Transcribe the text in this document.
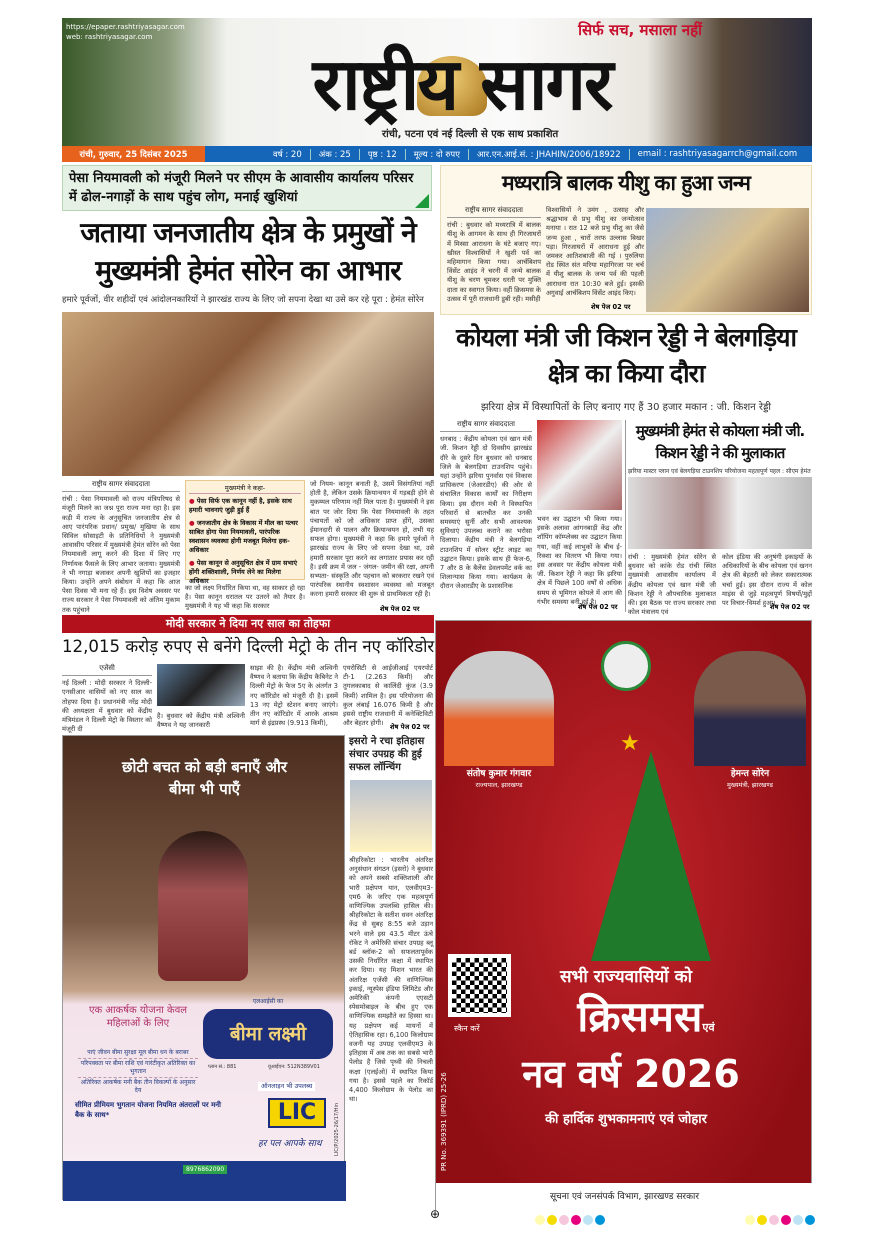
https://epaper.rashtriyasagar.com
web: rashtriyasagar.com
राष्ट्रीय सागर
सिर्फ सच, मसाला नहीं
रांची, पटना एवं नई दिल्ली से एक साथ प्रकाशित
रांची, गुरुवार, 25 दिसंबर 2025	वर्ष : 20	अंक : 25	पृष्ठ : 12	मूल्य : दो रुपए	आर.एन.आई.सं. : JHAHIN/2006/18922	email : rashtriyasagarrch@gmail.com
पेसा नियमावली को मंजूरी मिलने पर सीएम के आवासीय कार्यालय परिसर में ढोल-नगाड़ों के साथ पहुंच लोग, मनाई खुशियां
जताया जनजातीय क्षेत्र के प्रमुखों ने मुख्यमंत्री हेमंत सोरेन का आभार
हमारे पूर्वजों, वीर शहीदों एवं आंदोलनकारियों ने झारखंड राज्य के लिए जो सपना देखा था उसे कर रहे पूरा : हेमंत सोरेन
राष्ट्रीय सागर संवाददाता
रांची : पेसा नियमावली को राज्य मंत्रिपरिषद से मंजूरी मिलने का जश्न पूरा राज्य मना रहा है। इस कड़ी में राज्य के अनुसूचित जनजातीय क्षेत्र से आए पारंपरिक प्रधान/ प्रमुख/ मुखिया के साथ सिविल सोसाइटी के प्रतिनिधियों ने मुख्यमंत्री आवासीय परिसर में मुख्यमंत्री हेमंत सोरेन को पेसा नियमावली लागू करने की दिशा में लिए गए निर्णायक फैसले के लिए आभार जताया। मुख्यमंत्री ने भी नगाड़ा बजाकर अपनी खुशियों का इजहार किया। उन्होंने अपने संबोधन में कहा कि आज पेसा दिवस भी मना रहे हैं। इस विशेष अवसर पर राज्य सरकार ने पेसा नियमावली को अंतिम मुकाम तक पहुंचाने
मुख्यमंत्री ने कहा-
● पेसा सिर्फ एक कानून नहीं है, इसके साथ हमारी भावनाएं जुड़ी हुई हैं
● जनजातीय क्षेत्र के विकास में मील का पत्थर साबित होगा पेसा नियमावली, पारंपरिक स्वशासन व्यवस्था होगी मजबूत मिलेगा हक-अधिकार
● पेसा कानून से अनुसूचित क्षेत्र में ग्राम सभाएं होंगी शक्तिशाली, निर्णय लेने का मिलेगा अधिकार
का जो लक्ष्य निर्धारित किया था, वह साकार हो रहा है। पेसा कानून धरातल पर उतरने को तैयार है। मुख्यमंत्री ने यह भी कहा कि सरकार
जो नियम- कानून बनाती है, उसमें विसंगतियां नहीं होती है, लेकिन उसके क्रियान्वयन में गड़बड़ी होने से मुकम्मल परिणाम नहीं मिल पाता है। मुख्यमंत्री ने इस बात पर जोर दिया कि पेसा नियमावली के तहत पंचायतों को जो अधिकार प्राप्त होंगे, उसका ईमानदारी से पालन और क्रियान्वयन हो, तभी यह सफल होगा। मुख्यमंत्री ने कहा कि हमारे पूर्वजों ने झारखंड राज्य के लिए जो सपना देखा था, उसे हमारी सरकार पूरा करने का लगातार प्रयास कर रही है। इसी क्रम में जल - जंगल- जमीन की रक्षा, अपनी सभ्यता- संस्कृति और पहचान को बरकरार रखने एवं पारंपरिक स्थानीय स्वशासन व्यवस्था को मजबूत करना हमारी सरकार की शुरू से प्राथमिकता रही है।
शेष पेज 02 पर
मध्यरात्रि बालक यीशु का हुआ जन्म
राष्ट्रीय सागर संवाददाता
रांची : बुधवार को मध्यरात्रि में बालक यीशु के आगमन के साथ ही गिरजाघरों में मिस्सा आराधना के घंटे बजाए गए। खीस्त विश्वासियों ने खुशी पर्व का महिमागान किया गया। आर्चबिशप विंसेंट आइंद ने चरनी में जन्मे बालक यीशु के चरण चूमकर धरती पर मुक्ति दाता का स्वागत किया। वहीं क्रिसमस के उत्सव में पूरी राजधानी डूबी रही। मसीही
विश्वासियों ने उमंग , उत्साह और श्रद्धाभाव से प्रभु यीशु का जन्मोत्सव मनाया । रात 12 बजे प्रभु यीशु का जैसे जन्म हुआ , चारों तरफ उल्लास बिखर पड़ा। गिरजाघरों में आराधना हुई और जमकर आतिशबाजी की गई । पुरुलिया रोड स्थित संत मरिया महागिरजा पर चर्च में यीशु बालक के जन्म पर्व की पहली आराधना रात 10:30 बजे हुई। इसकी अगुवाई आर्चबिशप विंसेंट आइंद किए।
शेष पेज 02 पर
कोयला मंत्री जी किशन रेड्डी ने बेलगड़िया क्षेत्र का किया दौरा
झरिया क्षेत्र में विस्थापितों के लिए बनाए गए हैं 30 हजार मकान : जी. किशन रेड्डी
राष्ट्रीय सागर संवाददाता
धनबाद : केंद्रीय कोयला एवं खान मंत्री जी. किशन रेड्डी दो दिवसीय झारखंड दौरे के दूसरे दिन बुधवार को धनबाद जिले के बेलगड़िया टाउनशिप पहुंचे। यहां उन्होंने झरिया पुनर्वास एवं विकास प्राधिकरण (जेआरडीए) की ओर से संचालित विकास कार्यों का निरीक्षण किया। इस दौरान मंत्री ने विस्थापित परिवारों से बातचीत कर उनकी समस्याएं सुनीं और सभी आवश्यक सुविधाएं उपलब्ध कराने का भरोसा दिलाया। केंद्रीय मंत्री ने बेलगड़िया टाउनशिप में सोलर स्ट्रीट लाइट का उद्घाटन किया। इसके साथ ही फेज-6, 7 और 8 के बैलेंस डेवलपमेंट वर्क का शिलान्यास किया गया। कार्यक्रम के दौरान जेआरडीए के प्रशासनिक
भवन का उद्घाटन भी किया गया। इसके अलावा आंगनबाड़ी केंद्र और शॉपिंग कॉम्प्लेक्स का उद्घाटन किया गया, वहीं कई लाभुकों के बीच ई-रिक्शा का वितरण भी किया गया। इस अवसर पर केंद्रीय कोयला मंत्री जी. किशन रेड्डी ने कहा कि झरिया क्षेत्र में पिछले 100 वर्षों से अधिक समय से भूमिगत कोयले में आग की गंभीर समस्या बनी हुई है।
शेष पेज 02 पर
मुख्यमंत्री हेमंत से कोयला मंत्री जी. किशन रेड्डी ने की मुलाकात
झरिया मास्टर प्लान एवं बेलगड़िया टाउनशिप परियोजना महत्वपूर्ण पहल : सीएम हेमंत
रांची : मुख्यमंत्री हेमंत सोरेन से बुधवार को कांके रोड रांची स्थित मुख्यमंत्री आवासीय कार्यालय में केंद्रीय कोयला एवं खान मंत्री जी किशन रेड्डी ने औपचारिक मुलाकात की। इस बैठक पर राज्य सरकार तथा कोल मंत्रालय एवं
कोल इंडिया की अनुषंगी इकाइयों के अधिकारियों के बीच कोयला एवं खनन क्षेत्र की बेहतरी को लेकर सकारात्मक चर्चा हुई। इस दौरान राज्य में कोल माइंस से जुड़े महत्वपूर्ण विषयों/मुद्दों पर विचार-विमर्श हुआ।
शेष पेज 02 पर
मोदी सरकार ने दिया नए साल का तोहफा
12,015 करोड़ रुपए से बनेंगे दिल्ली मेट्रो के तीन नए कॉरिडोर
एजेंसी
नई दिल्ली : मोदी सरकार ने दिल्ली-एनसीआर वासियों को नए साल का तोहफा दिया है। प्रधानमंत्री नरेंद्र मोदी की अध्यक्षता में बुधवार को केंद्रीय मंत्रिमंडल ने दिल्ली मेट्रो के विस्तार को मंजूरी दी
है। बुधवार को केंद्रीय मंत्री अश्विनी वैष्णव ने यह जानकारी
साझा की है। केंद्रीय मंत्री अश्विनी वैष्णव ने बताया कि केंद्रीय कैबिनेट ने दिल्ली मेट्रो के फेज 5ए के अंतर्गत 3 नए कॉरिडोर को मंजूरी दी है। इसमें 13 नए मेट्रो स्टेशन बनाए जाएंगे। तीन नए कॉरिडोर में आरके आश्रम मार्ग से इंद्रप्रस्थ (9.913 किमी),
एयरोसिटी से आईजीआई एयरपोर्ट टी-1 (2.263 किमी) और तुगलकाबाद से कालिंदी कुंज (3.9 किमी) शामिल है। इस परियोजना की कुल लंबाई 16.076 किमी है और इससे राष्ट्रीय राजधानी में कनेक्टिविटी और बेहतर होगी। शेष पेज 02 पर
छोटी बचत को बड़ी बनाएँ और बीमा भी पाएँ
एक आकर्षक योजना केवल महिलाओं के लिए
पाएं जीवन बीमा सुरक्षा मूल बीमा धन के बराबर
परिपक्वता पर बीमा राशि एवं गारंटीकृत अतिरिक्त का भुगतान
अतिरिक्त आकर्षक मनी बैक तीन विकल्पों के अनुसार देय
एलआईसी का
बीमा लक्ष्मी
प्लान सं.: 881	यूआईएन: 512N389V01
ऑनलाइन भी उपलब्ध
सीमित प्रीमियम भुगतान योजना नियमित अंतरालों पर मनी बैक के साथ*	LIC
हर पल आपके साथ LIC/P/2025-26/17/Hin
8976862090
इसरो ने रचा इतिहास संचार उपग्रह की हुई सफल लॉन्चिंग
श्रीहरिकोटा : भारतीय अंतरिक्ष अनुसंधान संगठन (इसरो) ने बुधवार को अपने सबसे शक्तिशाली और भारी प्रक्षेपण यान, एलवीएम3-एम6 के जरिए एक महत्वपूर्ण वाणिज्यिक उपलब्धि हासिल की। श्रीहरिकोटा के सतीश धवन अंतरिक्ष केंद्र से सुबह 8:55 बजे उड़ान भरने वाले इस 43.5 मीटर ऊंचे रॉकेट ने अमेरिकी संचार उपग्रह ब्लू बर्ड ब्लॉक-2 को सफलतापूर्वक उसकी निर्धारित कक्षा में स्थापित कर दिया। यह मिशन भारत की अंतरिक्ष एजेंसी की वाणिज्यिक इकाई, न्यूस्पेस इंडिया लिमिटेड और अमेरिकी कंपनी एएसटी स्पेसमोबाइल के बीच हुए एक वाणिज्यिक समझौते का हिस्सा था। यह प्रक्षेपण कई मायनों में ऐतिहासिक रहा। 6,100 किलोग्राम वजनी यह उपग्रह एलवीएम3 के इतिहास में अब तक का सबसे भारी पेलोड है जिसे पृथ्वी की निचली कक्षा (एलईओ) में स्थापित किया गया है। इससे पहले का रिकॉर्ड 4,400 किलोग्राम के पेलोड का था।
संतोष कुमार गंगवार
राज्यपाल, झारखण्ड
हेमन्त सोरेन
मुख्यमंत्री, झारखण्ड
★
स्कैन करें
सभी राज्यवासियों को
क्रिसमसएवं
नव वर्ष 2026
की हार्दिक शुभकामनाएं एवं जोहार
PR No. 369391 (IPRD) 25-26
सूचना एवं जनसंपर्क विभाग, झारखण्ड सरकार
⊕
